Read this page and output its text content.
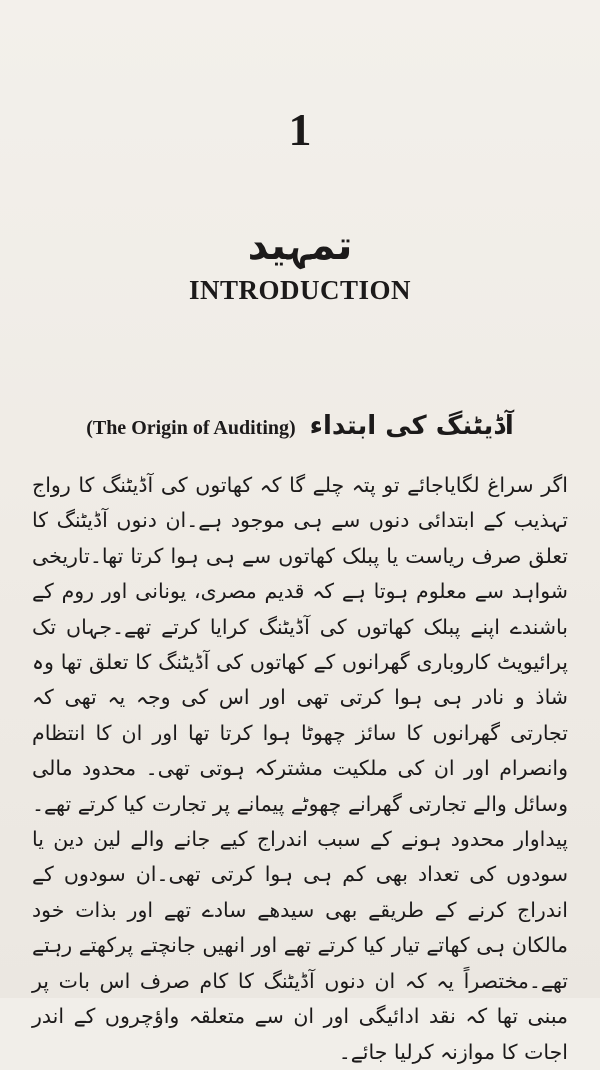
1
تمہید
INTRODUCTION
(The Origin of Auditing) آڈیٹنگ کی ابتداء

اگر سراغ لگایاجائے تو پتہ چلے گا کہ کھاتوں کی آڈیٹنگ کا رواج تہذیب کے ابتدائی دنوں سے ہی موجود ہے۔ان دنوں آڈیٹنگ کا تعلق صرف ریاست یا پبلک کھاتوں سے ہی ہوا کرتا تھا۔تاریخی شواہد سے معلوم ہوتا ہے کہ قدیم مصری، یونانی اور روم کے باشندے اپنے پبلک کھاتوں کی آڈیٹنگ کرایا کرتے تھے۔جہاں تک پرائیویٹ کاروباری گھرانوں کے کھاتوں کی آڈیٹنگ کا تعلق تھا وہ شاذ و نادر ہی ہوا کرتی تھی اور اس کی وجہ یہ تھی کہ تجارتی گھرانوں کا سائز چھوٹا ہوا کرتا تھا اور ان کا انتظام وانصرام اور ان کی ملکیت مشترکہ ہوتی تھی۔ محدود مالی وسائل والے تجارتی گھرانے چھوٹے پیمانے پر تجارت کیا کرتے تھے۔پیداوار محدود ہونے کے سبب اندراج کیے جانے والے لین دین یا سودوں کی تعداد بھی کم ہی ہوا کرتی تھی۔ان سودوں کے اندراج کرنے کے طریقے بھی سیدھے سادے تھے اور بذات خود مالکان ہی کھاتے تیار کیا کرتے تھے اور انھیں جانچتے پرکھتے رہتے تھے۔مختصراً یہ کہ ان دنوں آڈیٹنگ کا کام صرف اس بات پر مبنی تھا کہ نقد ادائیگی اور ان سے متعلقہ واؤچروں کے اندر اجات کا موازنہ کرلیا جائے۔
